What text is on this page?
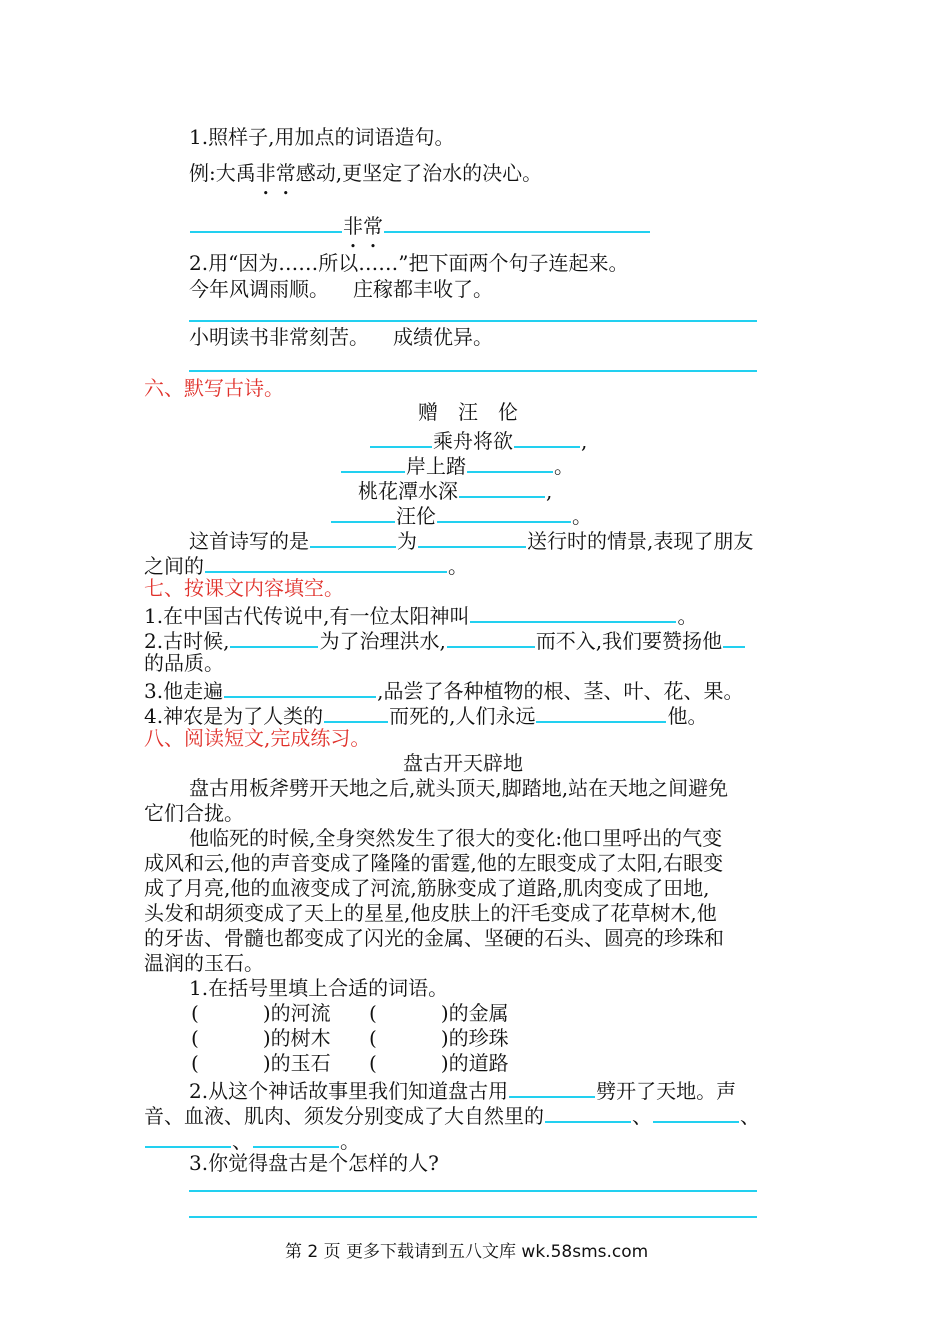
1.照样子,用加点的词语造句。
例:大禹非常感动,更坚定了治水的决心。
非常
2.用“因为……所以……”把下面两个句子连起来。
今年风调雨顺。 庄稼都丰收了。
小明读书非常刻苦。 成绩优异。
六、默写古诗。
赠　汪　伦
乘舟将欲	,
岸上踏	。
桃花潭水深	,
汪伦	。
这首诗写的是	为	送行时的情景,表现了朋友
之间的	。
七、按课文内容填空。
1.在中国古代传说中,有一位太阳神叫	。
2.古时候,	为了治理洪水,	而不入,我们要赞扬他
的品质。
3.他走遍	,品尝了各种植物的根、茎、叶、花、果。
4.神农是为了人类的	而死的,人们永远	他。
八、阅读短文,完成练习。
盘古开天辟地
盘古用板斧劈开天地之后,就头顶天,脚踏地,站在天地之间避免
它们合拢。
他临死的时候,全身突然发生了很大的变化:他口里呼出的气变
成风和云,他的声音变成了隆隆的雷霆,他的左眼变成了太阳,右眼变
成了月亮,他的血液变成了河流,筋脉变成了道路,肌肉变成了田地,
头发和胡须变成了天上的星星,他皮肤上的汗毛变成了花草树木,他
的牙齿、骨髓也都变成了闪光的金属、坚硬的石头、圆亮的珍珠和
温润的玉石。
1.在括号里填上合适的词语。
(	)的河流 (	)的金属
(	)的树木 (	)的珍珠
(	)的玉石 (	)的道路
2.从这个神话故事里我们知道盘古用	劈开了天地。声
音、血液、肌肉、须发分别变成了大自然里的	、	、
、	。
3.你觉得盘古是个怎样的人?
第 2 页 更多下载请到五八文库 wk.58sms.com
